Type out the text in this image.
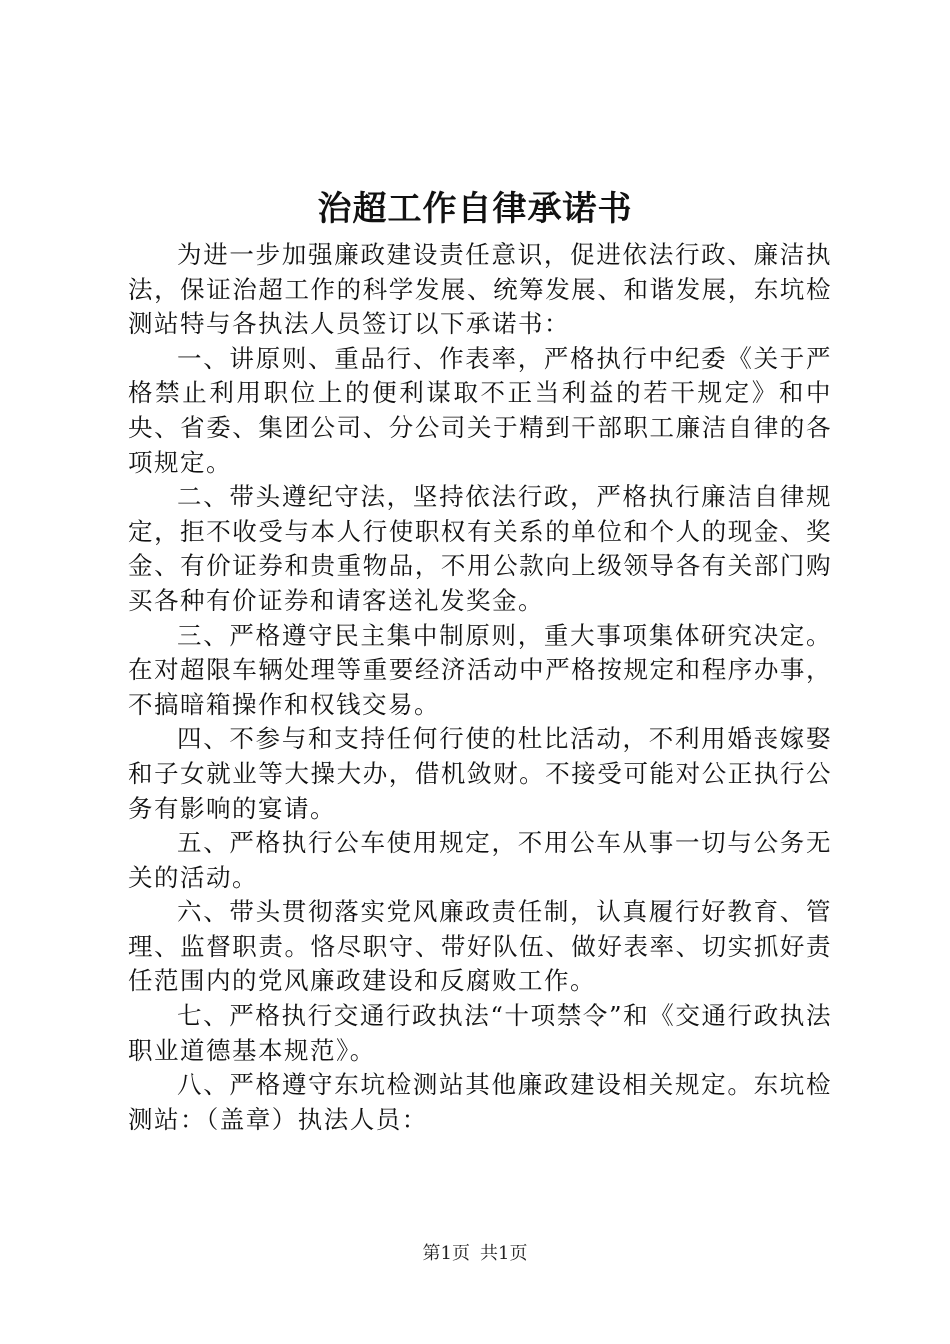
治超工作自律承诺书

为进一步加强廉政建设责任意识，促进依法行政、廉洁执法，保证治超工作的科学发展、统筹发展、和谐发展，东坑检测站特与各执法人员签订以下承诺书：

一、讲原则、重品行、作表率，严格执行中纪委《关于严格禁止利用职位上的便利谋取不正当利益的若干规定》和中央、省委、集团公司、分公司关于精到干部职工廉洁自律的各项规定。

二、带头遵纪守法，坚持依法行政，严格执行廉洁自律规定，拒不收受与本人行使职权有关系的单位和个人的现金、奖金、有价证券和贵重物品，不用公款向上级领导各有关部门购买各种有价证券和请客送礼发奖金。

三、严格遵守民主集中制原则，重大事项集体研究决定。在对超限车辆处理等重要经济活动中严格按规定和程序办事，不搞暗箱操作和权钱交易。

四、不参与和支持任何行使的杜比活动，不利用婚丧嫁娶和子女就业等大操大办，借机敛财。不接受可能对公正执行公务有影响的宴请。

五、严格执行公车使用规定，不用公车从事一切与公务无关的活动。

六、带头贯彻落实党风廉政责任制，认真履行好教育、管理、监督职责。恪尽职守、带好队伍、做好表率、切实抓好责任范围内的党风廉政建设和反腐败工作。

七、严格执行交通行政执法“十项禁令”和《交通行政执法职业道德基本规范》。

八、严格遵守东坑检测站其他廉政建设相关规定。东坑检测站：（盖章）执法人员：

第1页 共1页
